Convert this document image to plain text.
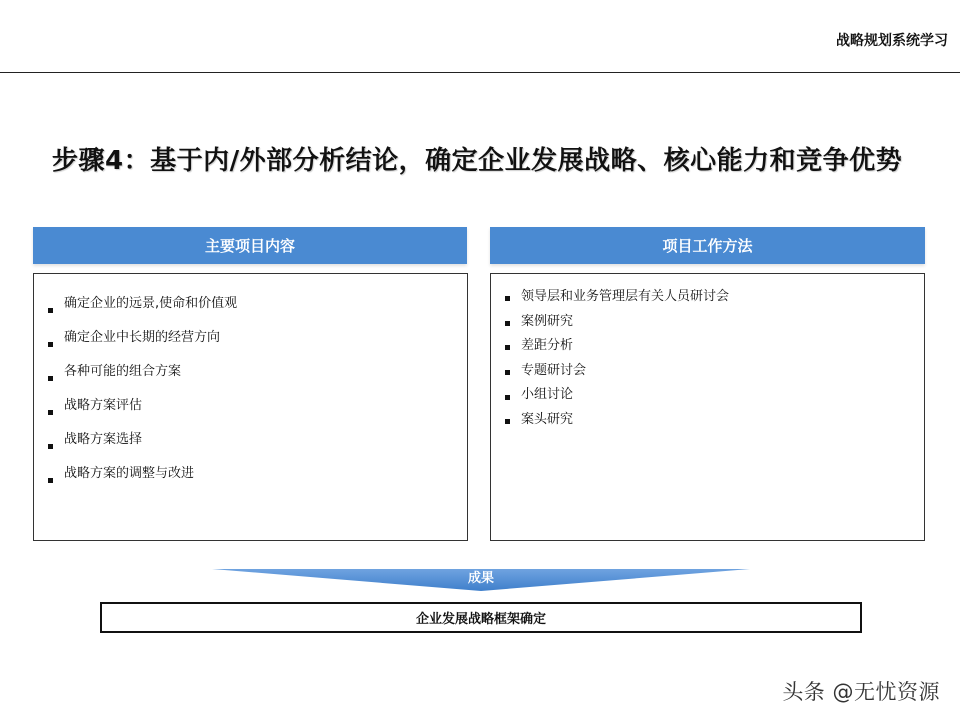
战略规划系统学习
步骤4：基于内/外部分析结论，确定企业发展战略、核心能力和竞争优势
主要项目内容
确定企业的远景,使命和价值观
确定企业中长期的经营方向
各种可能的组合方案
战略方案评估
战略方案选择
战略方案的调整与改进
项目工作方法
领导层和业务管理层有关人员研讨会
案例研究
差距分析
专题研讨会
小组讨论
案头研究
成果
企业发展战略框架确定
头条 @无忧资源
